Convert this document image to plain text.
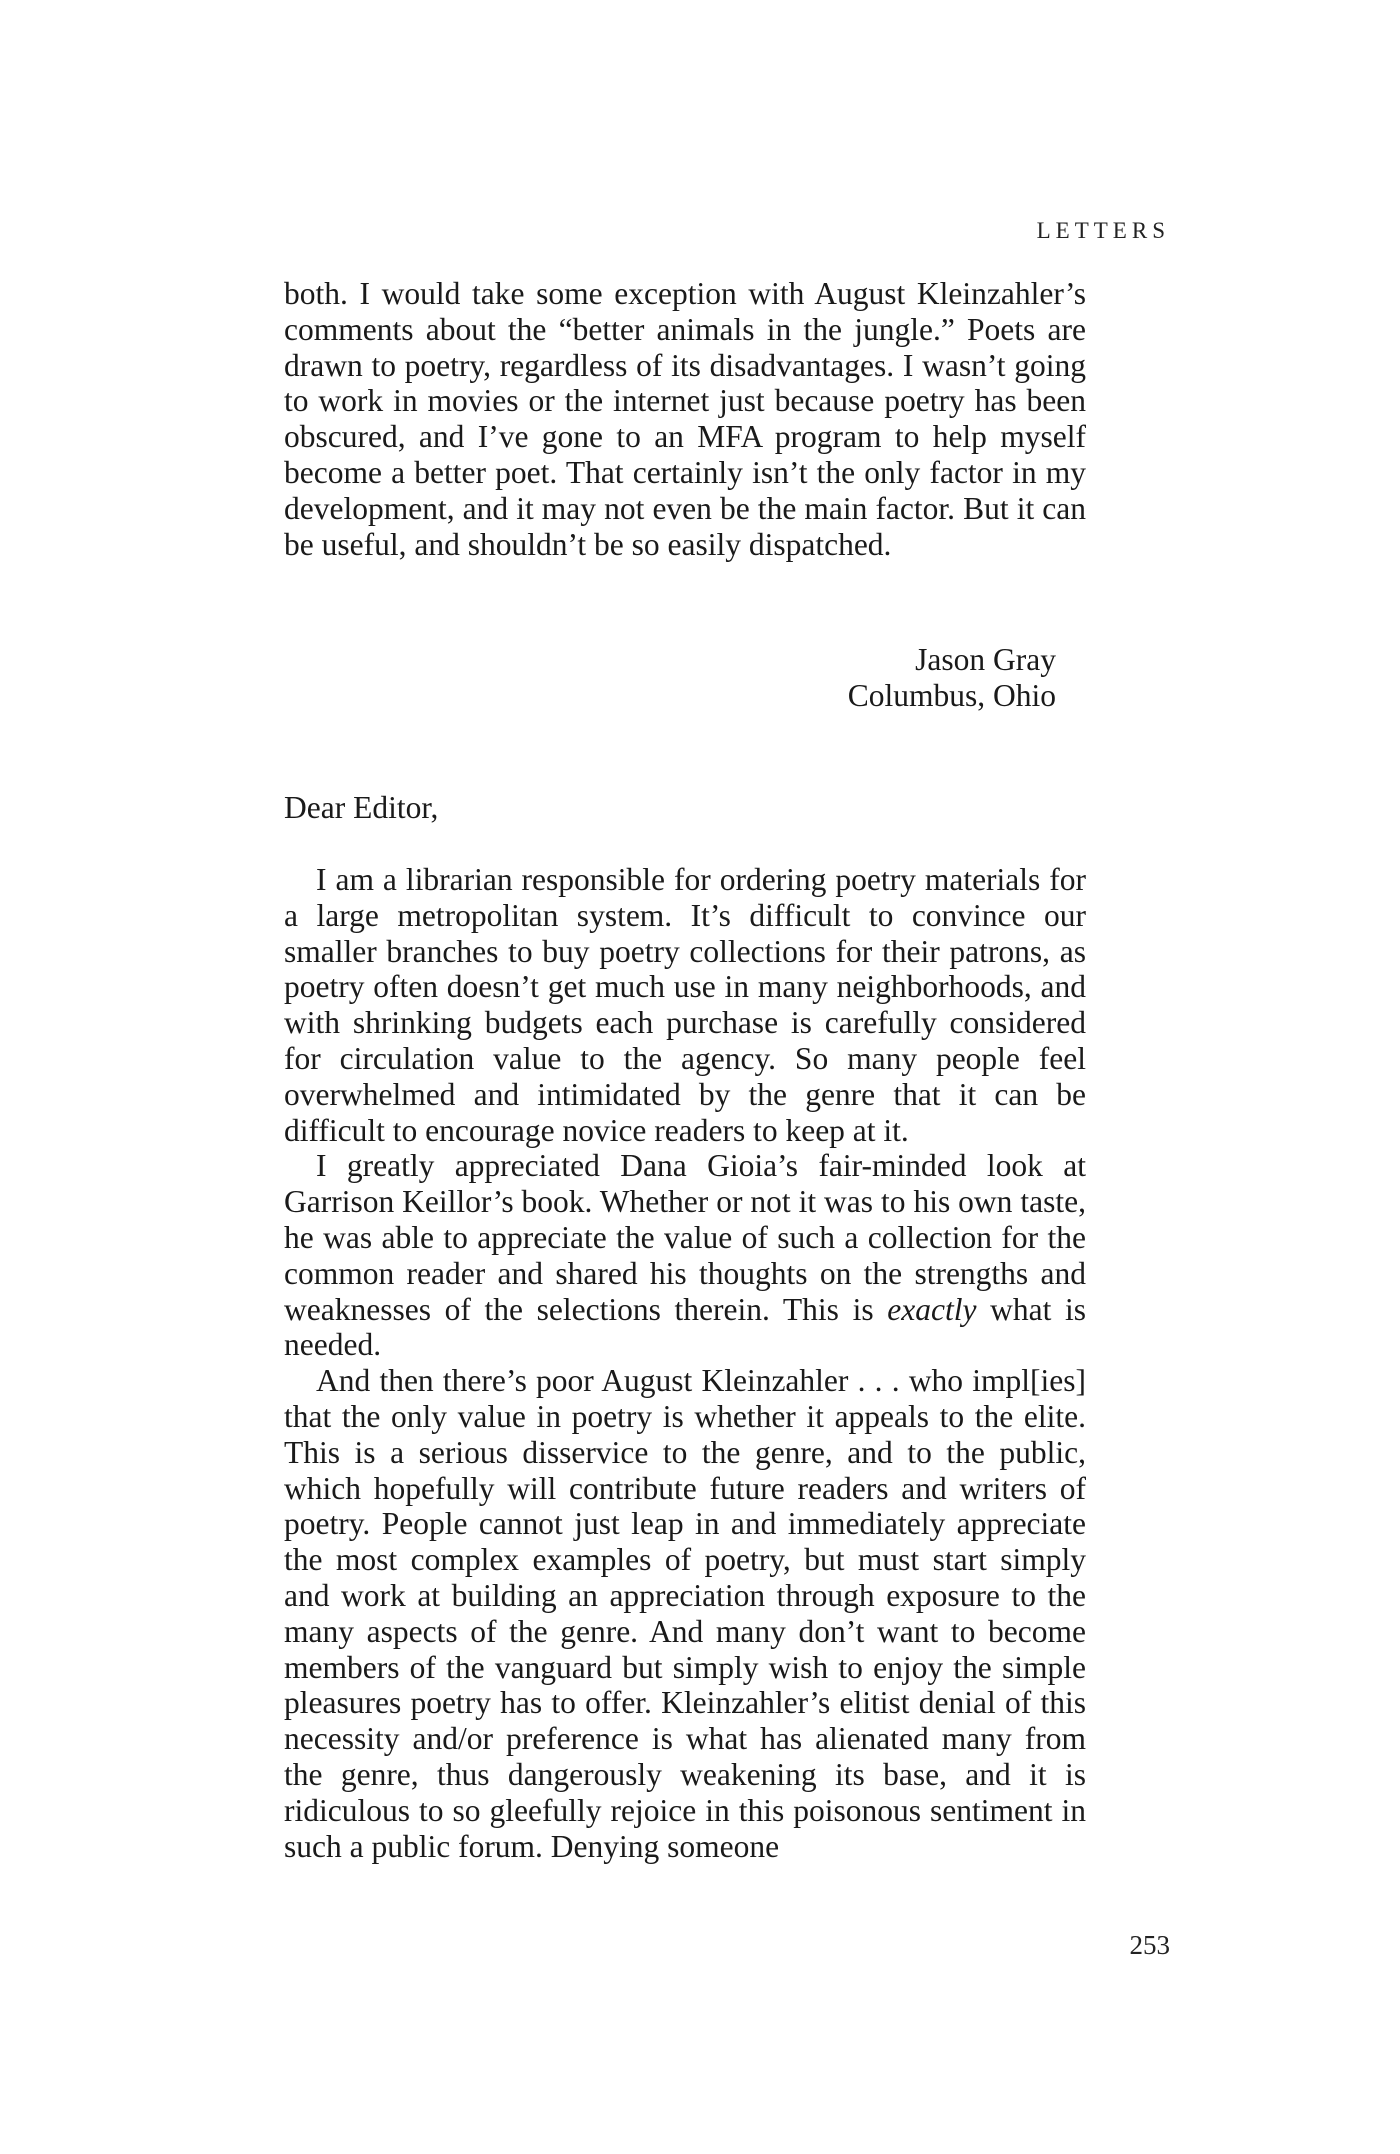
LETTERS

both. I would take some exception with August Kleinzahler’s comments about the “better animals in the jungle.” Poets are drawn to poetry, regardless of its disadvantages. I wasn’t going to work in movies or the internet just because poetry has been obscured, and I’ve gone to an MFA program to help myself become a better poet. That certainly isn’t the only factor in my development, and it may not even be the main factor. But it can be useful, and shouldn’t be so easily dispatched.

Jason Gray
Columbus, Ohio
Dear Editor,

I am a librarian responsible for ordering poetry materials for a large metropolitan system. It’s difficult to convince our smaller branches to buy poetry collections for their patrons, as poetry often doesn’t get much use in many neighborhoods, and with shrinking budgets each purchase is carefully considered for circulation value to the agency. So many people feel overwhelmed and intimidated by the genre that it can be difficult to encourage novice readers to keep at it.

I greatly appreciated Dana Gioia’s fair-minded look at Garrison Keillor’s book. Whether or not it was to his own taste, he was able to appreciate the value of such a collection for the common reader and shared his thoughts on the strengths and weaknesses of the selections therein. This is exactly what is needed.

And then there’s poor August Kleinzahler . . . who impl[ies] that the only value in poetry is whether it appeals to the elite. This is a serious disservice to the genre, and to the public, which hopefully will contribute future readers and writers of poetry. People cannot just leap in and immediately appreciate the most complex examples of poetry, but must start simply and work at building an appreciation through exposure to the many aspects of the genre. And many don’t want to become members of the vanguard but simply wish to enjoy the simple pleasures poetry has to offer. Kleinzahler’s elitist denial of this necessity and/or preference is what has alienated many from the genre, thus dangerously weakening its base, and it is ridiculous to so gleefully rejoice in this poisonous sentiment in such a public forum. Denying someone

253
